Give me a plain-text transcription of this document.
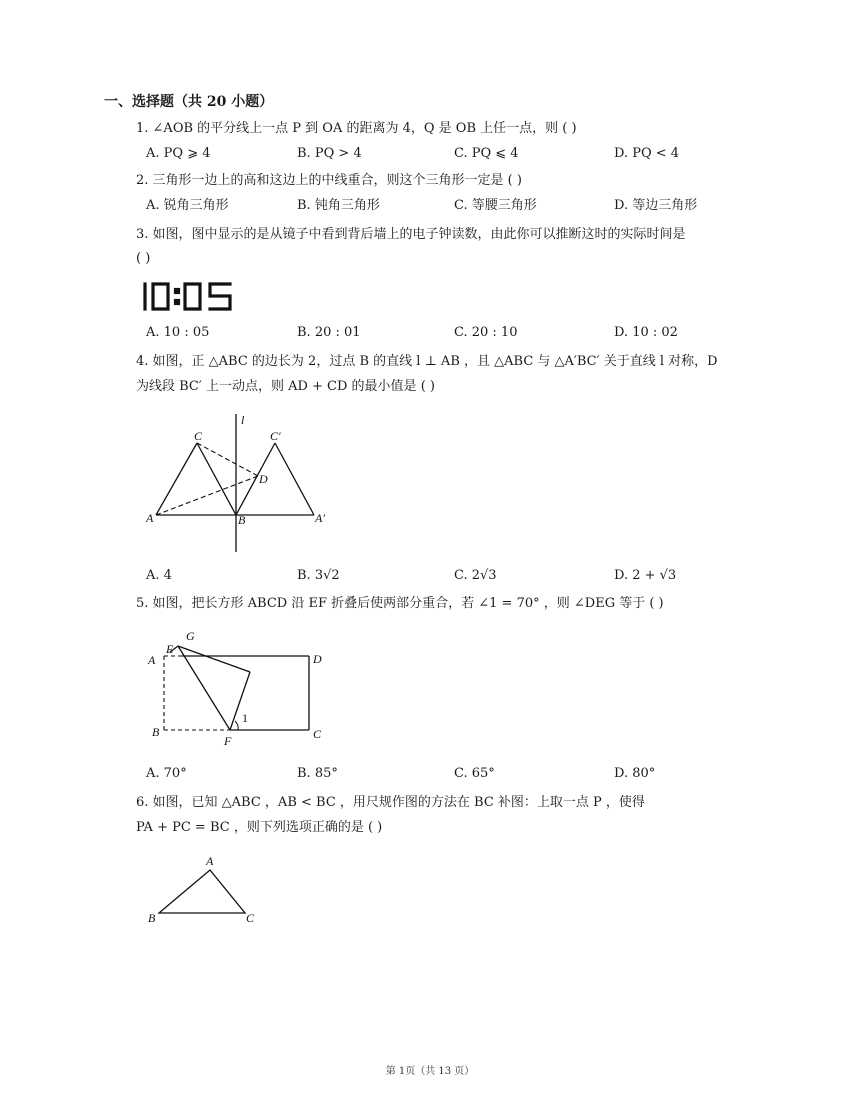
一、选择题（共 20 小题）
1. ∠AOB 的平分线上一点 P 到 OA 的距离为 4，Q 是 OB 上任一点，则 ( )
A. PQ ⩾ 4	B. PQ > 4	C. PQ ⩽ 4	D. PQ < 4
2. 三角形一边上的高和这边上的中线重合，则这个三角形一定是 ( )
A. 锐角三角形	B. 钝角三角形	C. 等腰三角形	D. 等边三角形
3. 如图，图中显示的是从镜子中看到背后墙上的电子钟读数，由此你可以推断这时的实际时间是
( )
A. 10 : 05	B. 20 : 01	C. 20 : 10	D. 10 : 02
4. 如图，正 △ABC 的边长为 2，过点 B 的直线 l ⊥ AB ，且 △ABC 与 △A′BC′ 关于直线 l 对称，D
为线段 BC′ 上一动点，则 AD + CD 的最小值是 ( )
l
C	C′
D
A	B	A′
A. 4	B. 3√2	C. 2√3	D. 2 + √3
5. 如图，把长方形 ABCD 沿 EF 折叠后使两部分重合，若 ∠1 = 70° ，则 ∠DEG 等于 ( )
G
E
A	D
B
F	C
1
A. 70°	B. 85°	C. 65°	D. 80°
6. 如图，已知 △ABC ，AB < BC ，用尺规作图的方法在 BC 补图：上取一点 P ，使得
PA + PC = BC ，则下列选项正确的是 ( )
A
B	C
第 1页（共 13 页）
